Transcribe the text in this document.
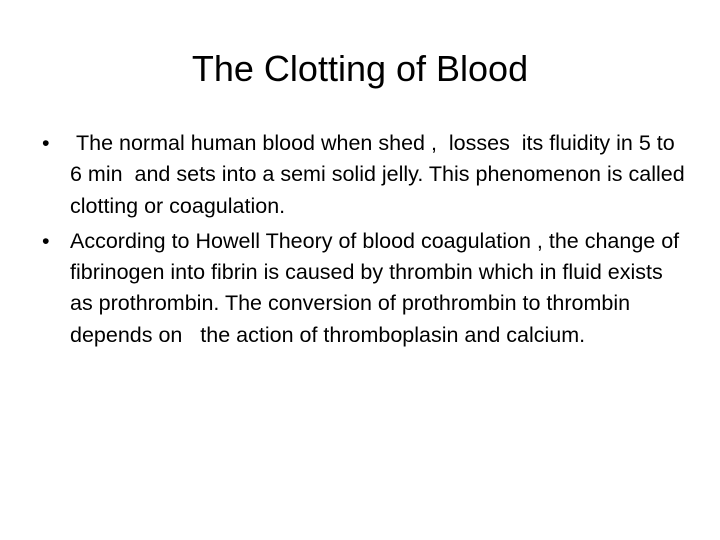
The Clotting of Blood
• The normal human blood when shed ,  losses  its fluidity in 5 to 6 min  and sets into a semi solid jelly. This phenomenon is called clotting or coagulation.
• According to Howell Theory of blood coagulation , the change of fibrinogen into fibrin is caused by thrombin which in fluid exists as prothrombin. The conversion of prothrombin to thrombin depends on   the action of thromboplasin and calcium.
